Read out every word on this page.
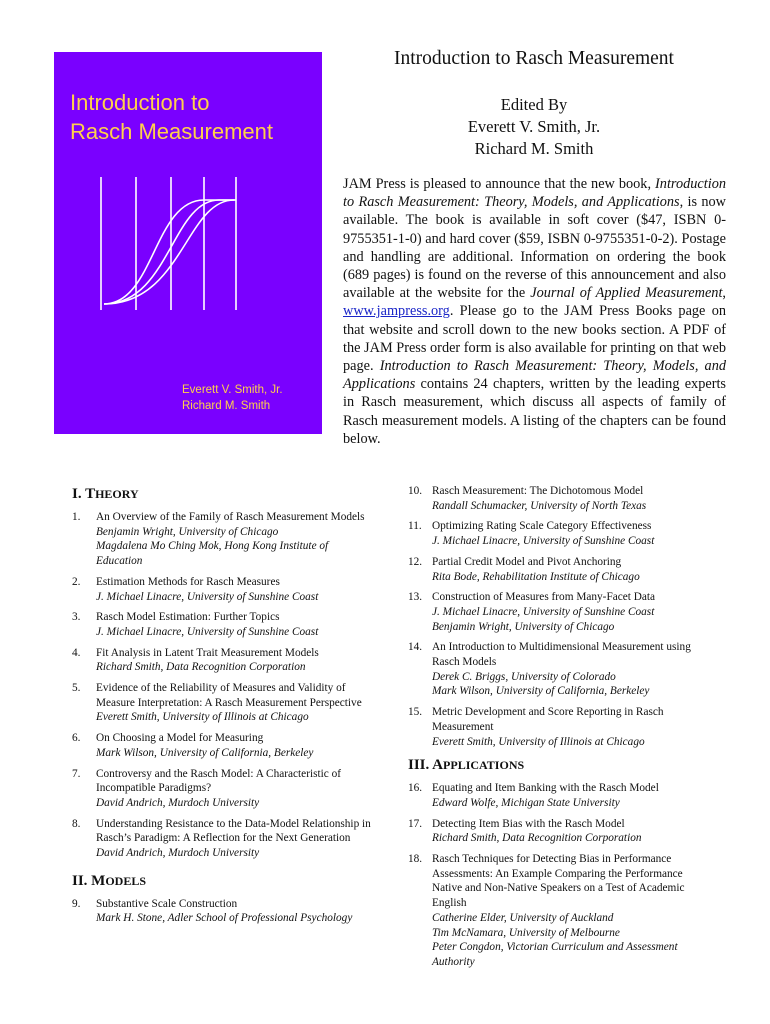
Introduction to
Rasch Measurement
Everett V. Smith, Jr.
Richard M. Smith
Introduction to Rasch Measurement
Edited By
Everett V. Smith, Jr.
Richard M. Smith
JAM Press is pleased to announce that the new book, Introduction to Rasch Measurement: Theory, Models, and Applications, is now available. The book is available in soft cover ($47, ISBN 0-9755351-1-0) and hard cover ($59, ISBN 0-9755351-0-2). Postage and handling are additional. Information on ordering the book (689 pages) is found on the reverse of this announcement and also available at the website for the Journal of Applied Measurement, www.jampress.org. Please go to the JAM Press Books page on that website and scroll down to the new books section. A PDF of the JAM Press order form is also available for printing on that web page. Introduction to Rasch Measurement: Theory, Models, and Applications contains 24 chapters, written by the leading experts in Rasch measurement, which discuss all aspects of family of Rasch measurement models. A listing of the chapters can be found below.
I. THEORY
1.	An Overview of the Family of Rasch Measurement Models
Benjamin Wright, University of Chicago
Magdalena Mo Ching Mok, Hong Kong Institute of Education
2.	Estimation Methods for Rasch Measures
J. Michael Linacre, University of Sunshine Coast
3.	Rasch Model Estimation: Further Topics
J. Michael Linacre, University of Sunshine Coast
4.	Fit Analysis in Latent Trait Measurement Models
Richard Smith, Data Recognition Corporation
5.	Evidence of the Reliability of Measures and Validity of Measure Interpretation: A Rasch Measurement Perspective
Everett Smith, University of Illinois at Chicago
6.	On Choosing a Model for Measuring
Mark Wilson, University of California, Berkeley
7.	Controversy and the Rasch Model: A Characteristic of Incompatible Paradigms?
David Andrich, Murdoch University
8.	Understanding Resistance to the Data-Model Relationship in Rasch’s Paradigm: A Reflection for the Next Generation
David Andrich, Murdoch University
II. MODELS
9.	Substantive Scale Construction
Mark H. Stone, Adler School of Professional Psychology
10. Rasch Measurement: The Dichotomous Model
Randall Schumacker, University of North Texas
11. Optimizing Rating Scale Category Effectiveness
J. Michael Linacre, University of Sunshine Coast
12. Partial Credit Model and Pivot Anchoring
Rita Bode, Rehabilitation Institute of Chicago
13. Construction of Measures from Many-Facet Data
J. Michael Linacre, University of Sunshine Coast
Benjamin Wright, University of Chicago
14. An Introduction to Multidimensional Measurement using Rasch Models
Derek C. Briggs, University of Colorado
Mark Wilson, University of California, Berkeley
15. Metric Development and Score Reporting in Rasch Measurement
Everett Smith, University of Illinois at Chicago
III. APPLICATIONS
16. Equating and Item Banking with the Rasch Model
Edward Wolfe, Michigan State University
17. Detecting Item Bias with the Rasch Model
Richard Smith, Data Recognition Corporation
18. Rasch Techniques for Detecting Bias in Performance Assessments: An Example Comparing the Performance Native and Non-Native Speakers on a Test of Academic English
Catherine Elder, University of Auckland
Tim McNamara, University of Melbourne
Peter Congdon, Victorian Curriculum and Assessment Authority
